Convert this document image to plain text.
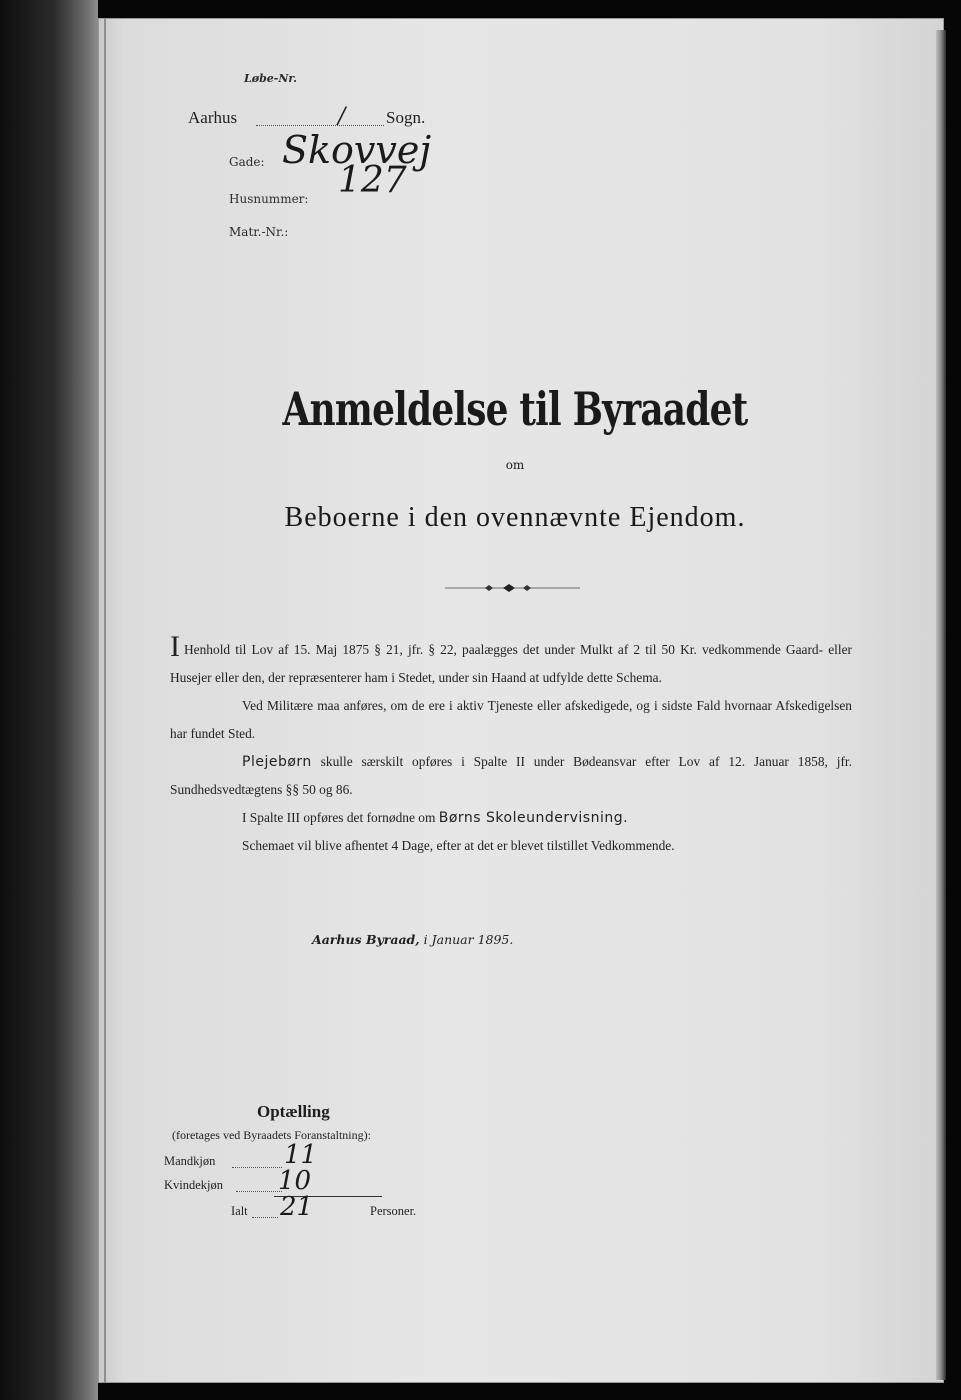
Løbe-Nr.
Aarhus	/ Sogn.
Gade: Skovvej
Husnummer: 127
Matr.-Nr.:
Anmeldelse til Byraadet
om
Beboerne i den ovennævnte Ejendom.

I Henhold til Lov af 15. Maj 1875 § 21, jfr. § 22, paalægges det under Mulkt af 2 til 50 Kr. vedkommende Gaard- eller Husejer eller den, der repræsenterer ham i Stedet, under sin Haand at udfylde dette Schema.

Ved Militære maa anføres, om de ere i aktiv Tjeneste eller afskedigede, og i sidste Fald hvornaar Afskedigelsen har fundet Sted.

Plejebørn skulle særskilt opføres i Spalte II under Bødeansvar efter Lov af 12. Januar 1858, jfr. Sundhedsvedtægtens §§ 50 og 86.

I Spalte III opføres det fornødne om Børns Skoleundervisning.

Schemaet vil blive afhentet 4 Dage, efter at det er blevet tilstillet Vedkommende.

Aarhus Byraad, i Januar 1895.
Optælling
(foretages ved Byraadets Foranstaltning):
Mandkjøn	11
Kvindekjøn 10
Ialt 21	Personer.
